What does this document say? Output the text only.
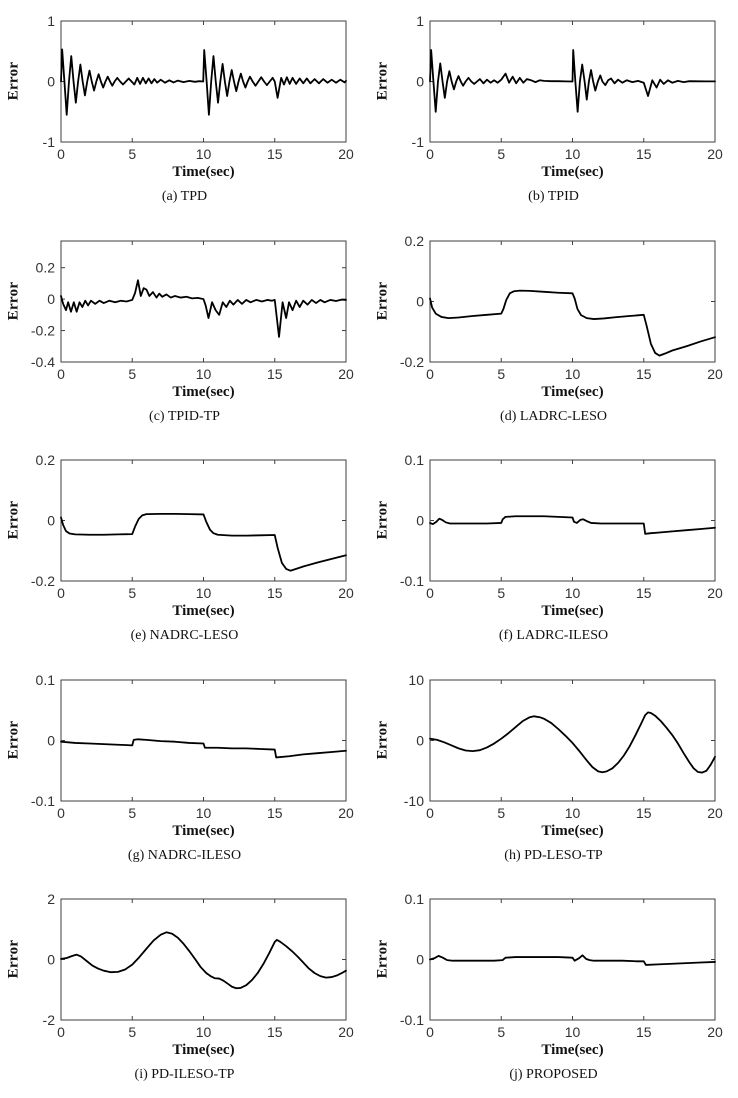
0	5	10	15	20
-1
0
1
Error
Time(sec)
(a) TPD
0	5	10	15	20
-1
0
1
Error
Time(sec)
(b) TPID
0	5	10	15	20
-0.4
-0.2
0
0.2
Error
Time(sec)
(c) TPID-TP
0	5	10	15	20
-0.2
0
0.2
Error
Time(sec)
(d) LADRC-LESO
0	5	10	15	20
-0.2
0
0.2
Error
Time(sec)
(e) NADRC-LESO
0	5	10	15	20
-0.1
0
0.1
Error
Time(sec)
(f) LADRC-ILESO
0	5	10	15	20
-0.1
0
0.1
Error
Time(sec)
(g) NADRC-ILESO
0	5	10	15	20
-10
0
10
Error
Time(sec)
(h) PD-LESO-TP
0	5	10	15	20
-2
0
2
Error
Time(sec)
(i) PD-ILESO-TP
0	5	10	15	20
-0.1
0
0.1
Error
Time(sec)
(j) PROPOSED
